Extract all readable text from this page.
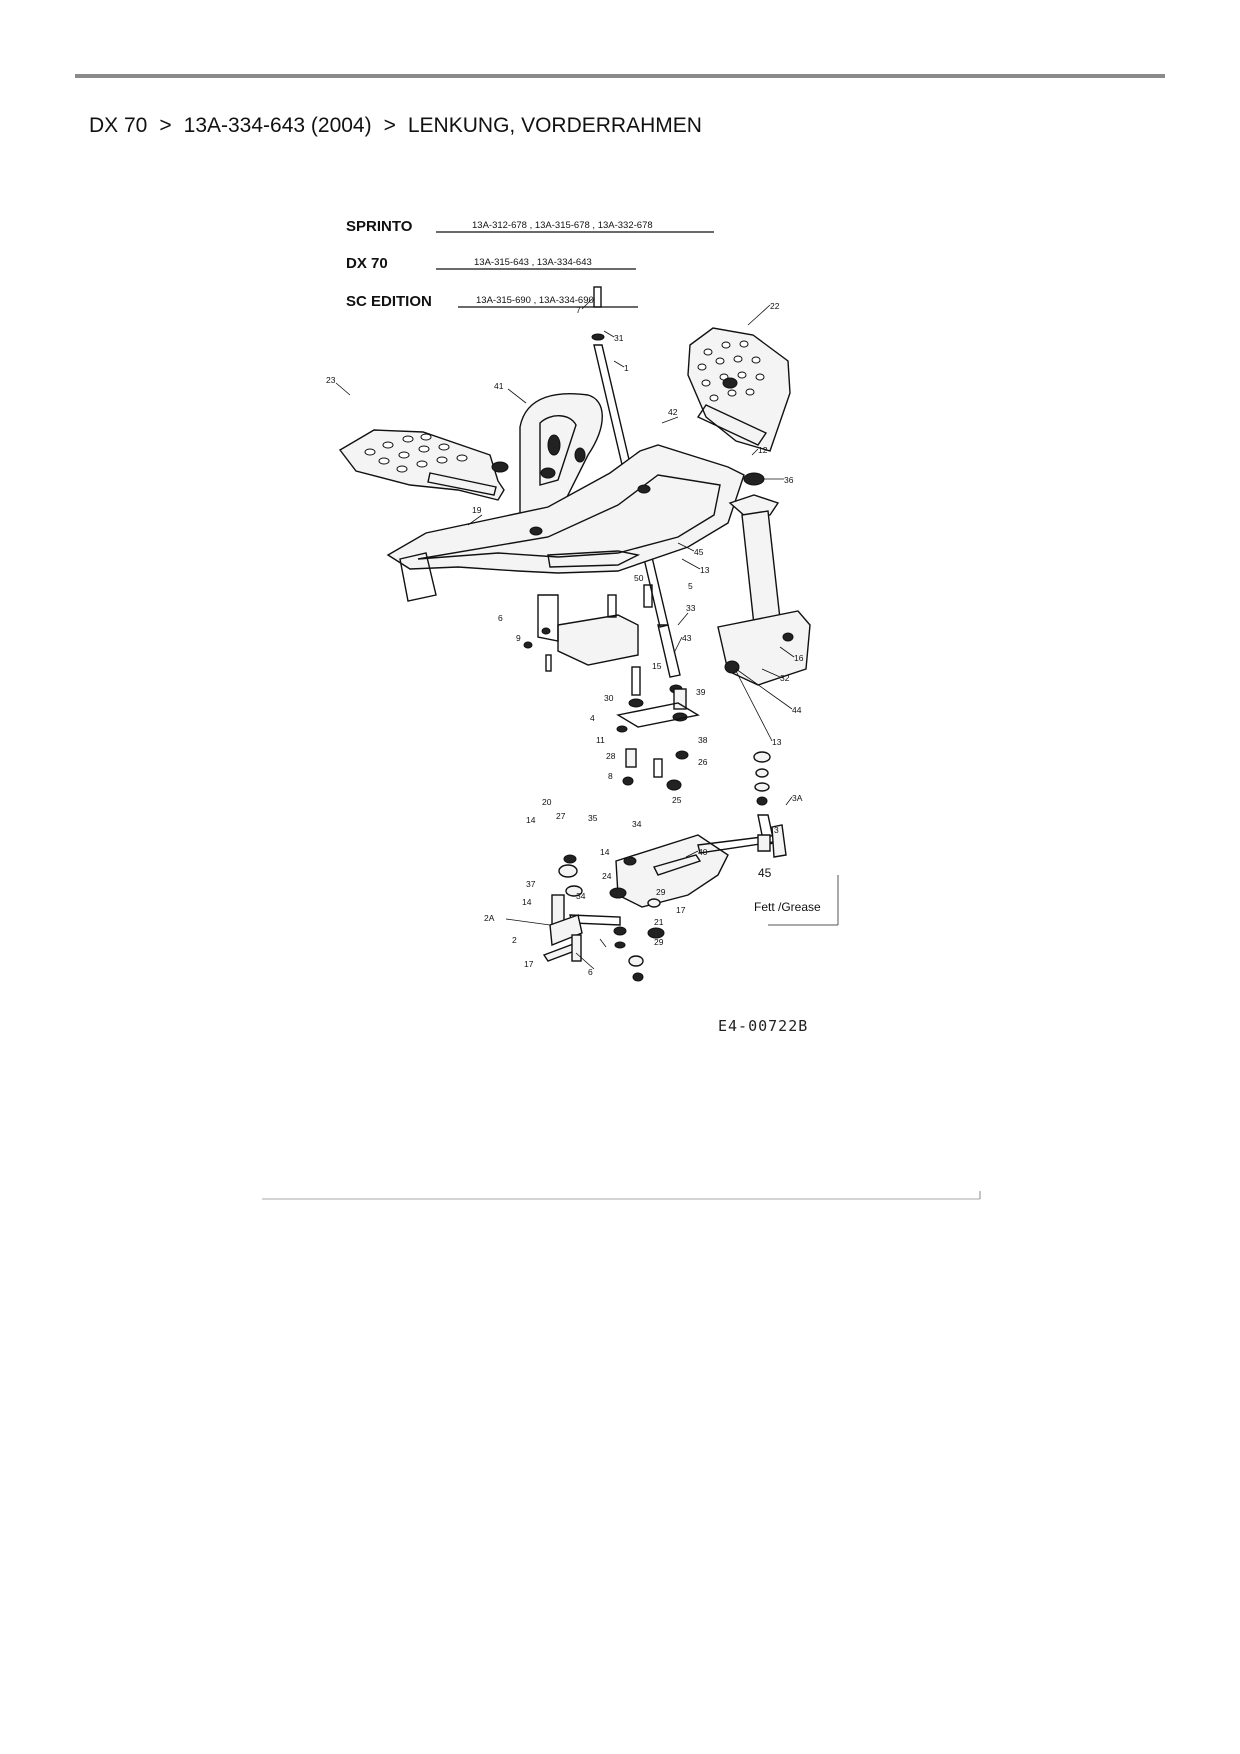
DX 70 > 13A-334-643 (2004) > LENKUNG, VORDERRAHMEN
SPRINTO	13A-312-678 , 13A-315-678 , 13A-332-678
DX 70	13A-315-643 , 13A-334-643
SC EDITION	13A-315-690 , 13A-334-690
45
Fett /Grease
E4-00722B
7
31
22
1
23
41
42
12
36
19
45
13
5
50
6
9
33
43
16
32
30
15
39
44
4
11
28
8
38
26
13
20
27	35
14	34
25	3A
3
14	40
24
14
29
17
2A
2
21
29
17
6
34
37
